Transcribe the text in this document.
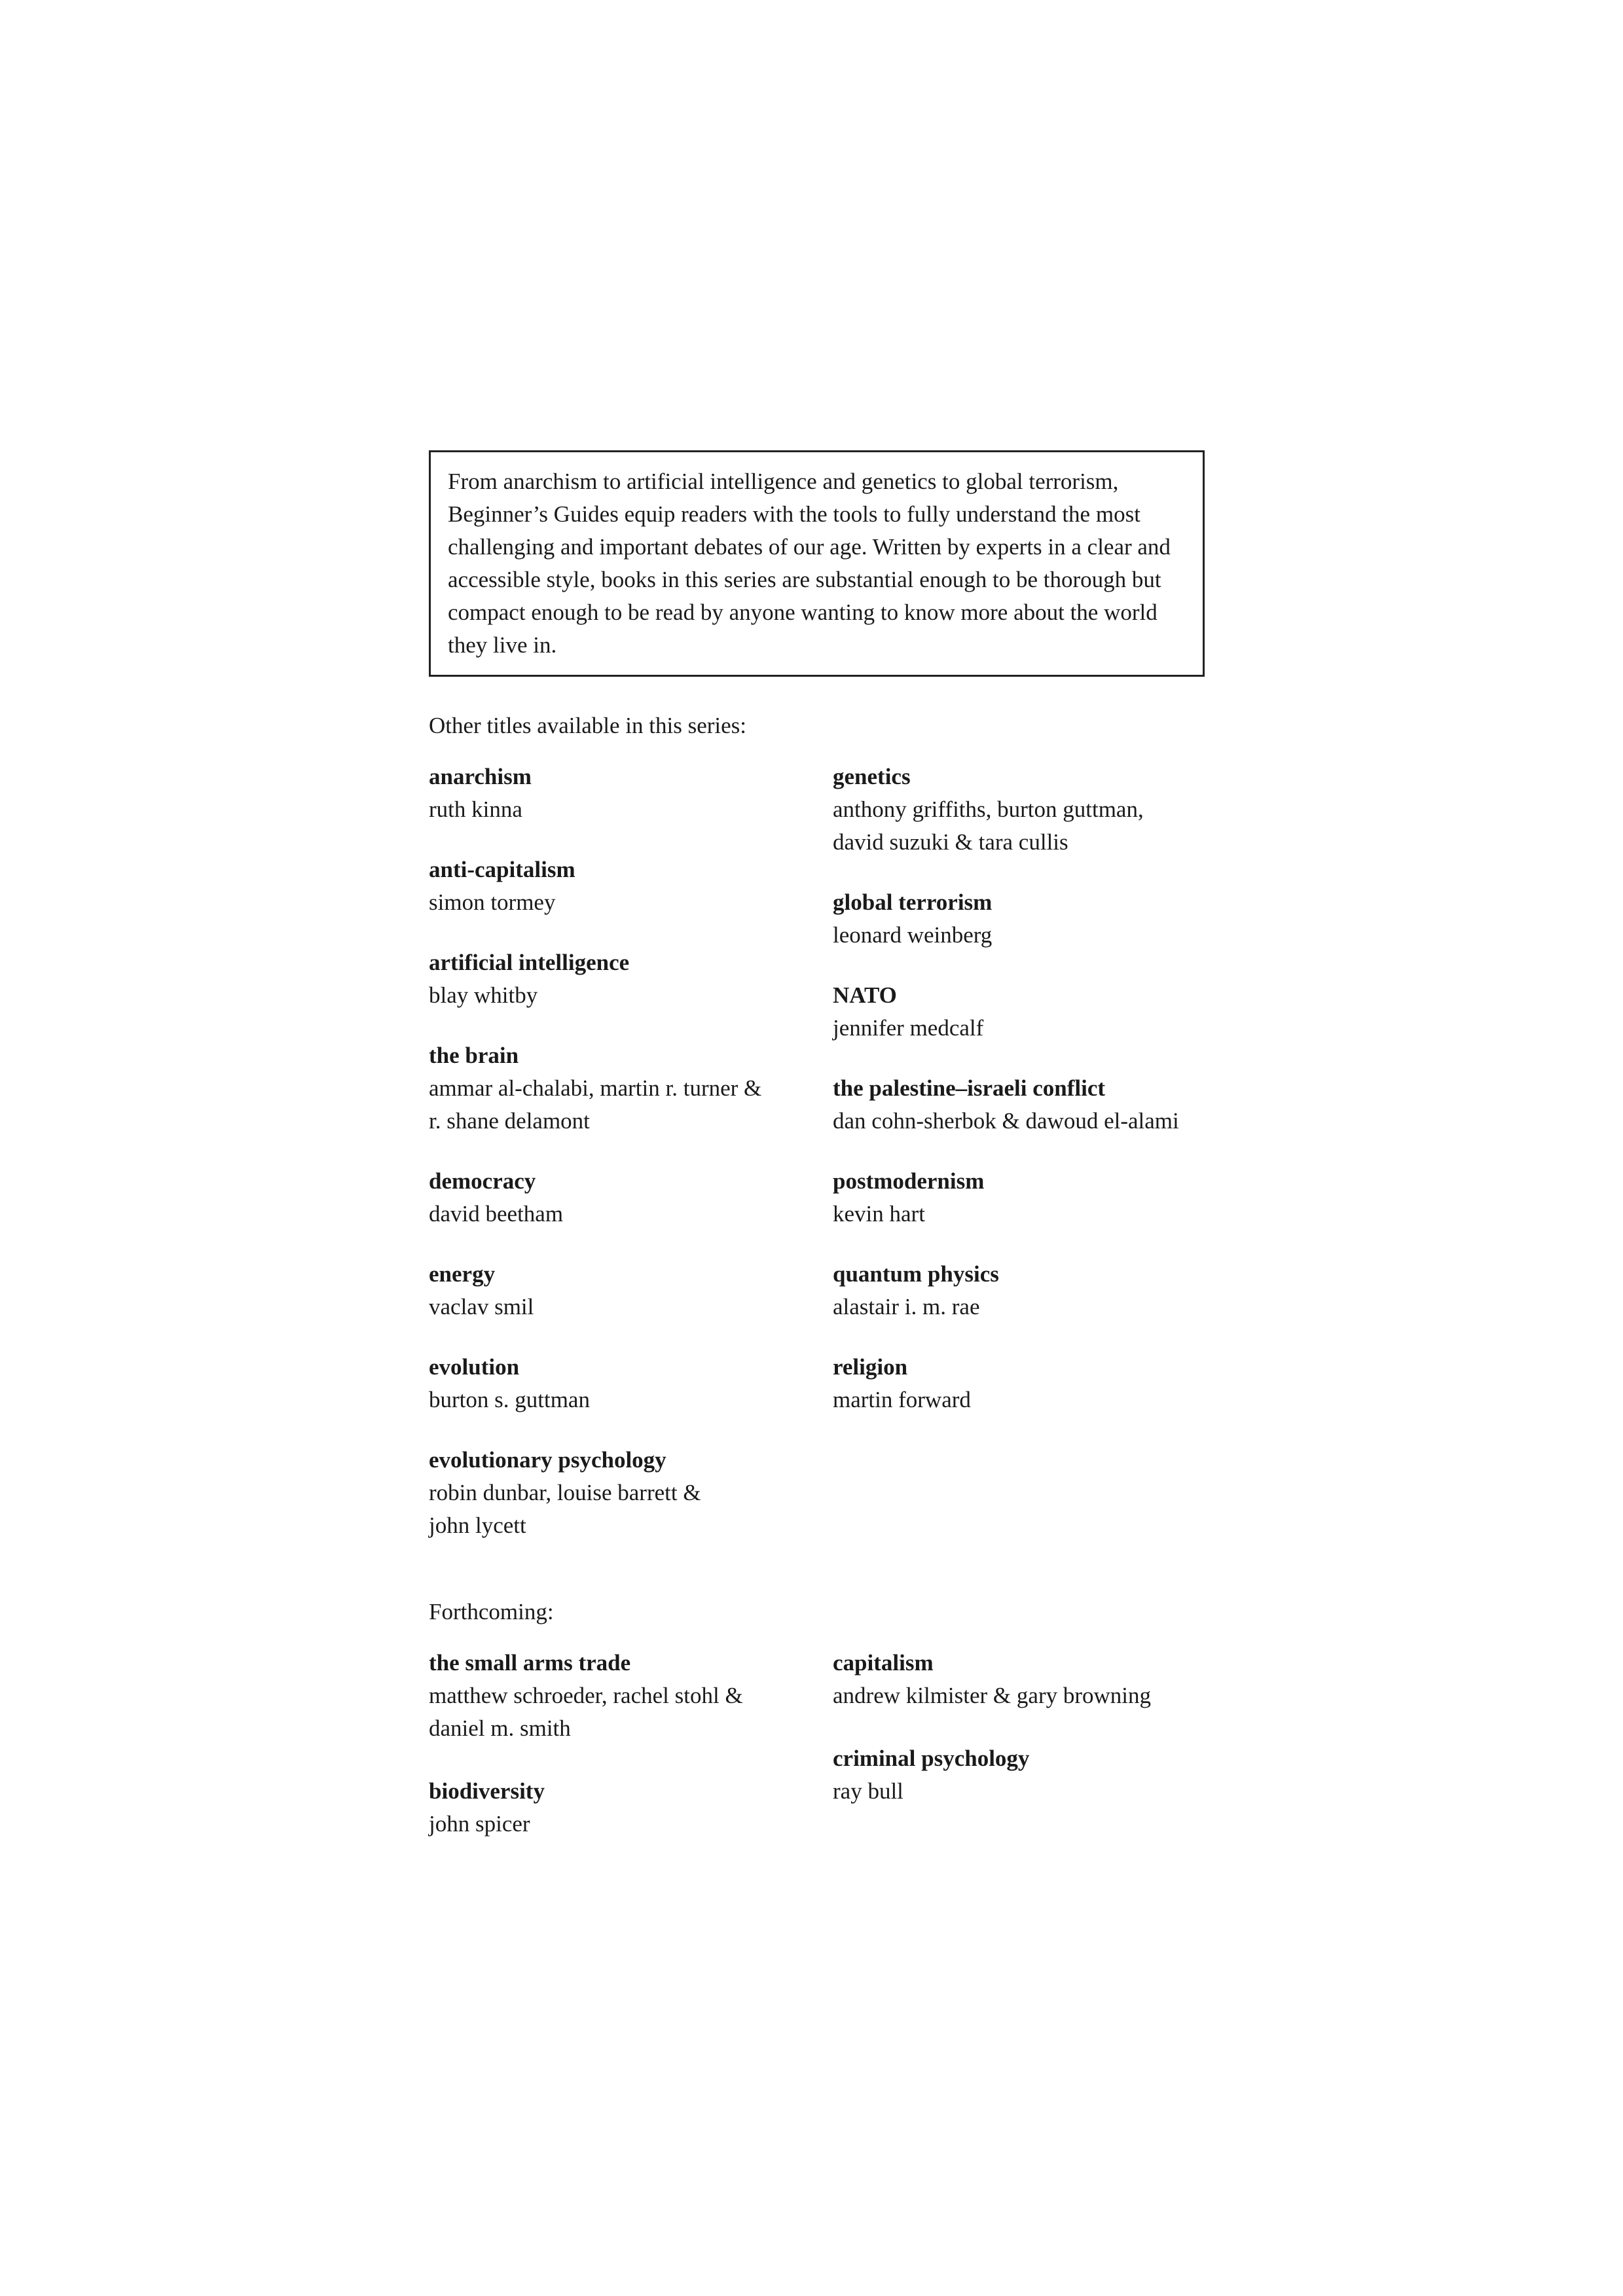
From anarchism to artificial intelligence and genetics to global terrorism, Beginner’s Guides equip readers with the tools to fully understand the most challenging and important debates of our age. Written by experts in a clear and accessible style, books in this series are substantial enough to be thorough but compact enough to be read by anyone wanting to know more about the world they live in.
Other titles available in this series:
anarchism
ruth kinna
anti-capitalism
simon tormey
artificial intelligence
blay whitby
the brain
ammar al-chalabi, martin r. turner &
r. shane delamont
democracy
david beetham
energy
vaclav smil
evolution
burton s. guttman
evolutionary psychology
robin dunbar, louise barrett &
john lycett
genetics
anthony griffiths, burton guttman,
david suzuki & tara cullis
global terrorism
leonard weinberg
NATO
jennifer medcalf
the palestine–israeli conflict
dan cohn-sherbok & dawoud el-alami
postmodernism
kevin hart
quantum physics
alastair i. m. rae
religion
martin forward
Forthcoming:
the small arms trade
matthew schroeder, rachel stohl &
daniel m. smith
biodiversity
john spicer
capitalism
andrew kilmister & gary browning
criminal psychology
ray bull
